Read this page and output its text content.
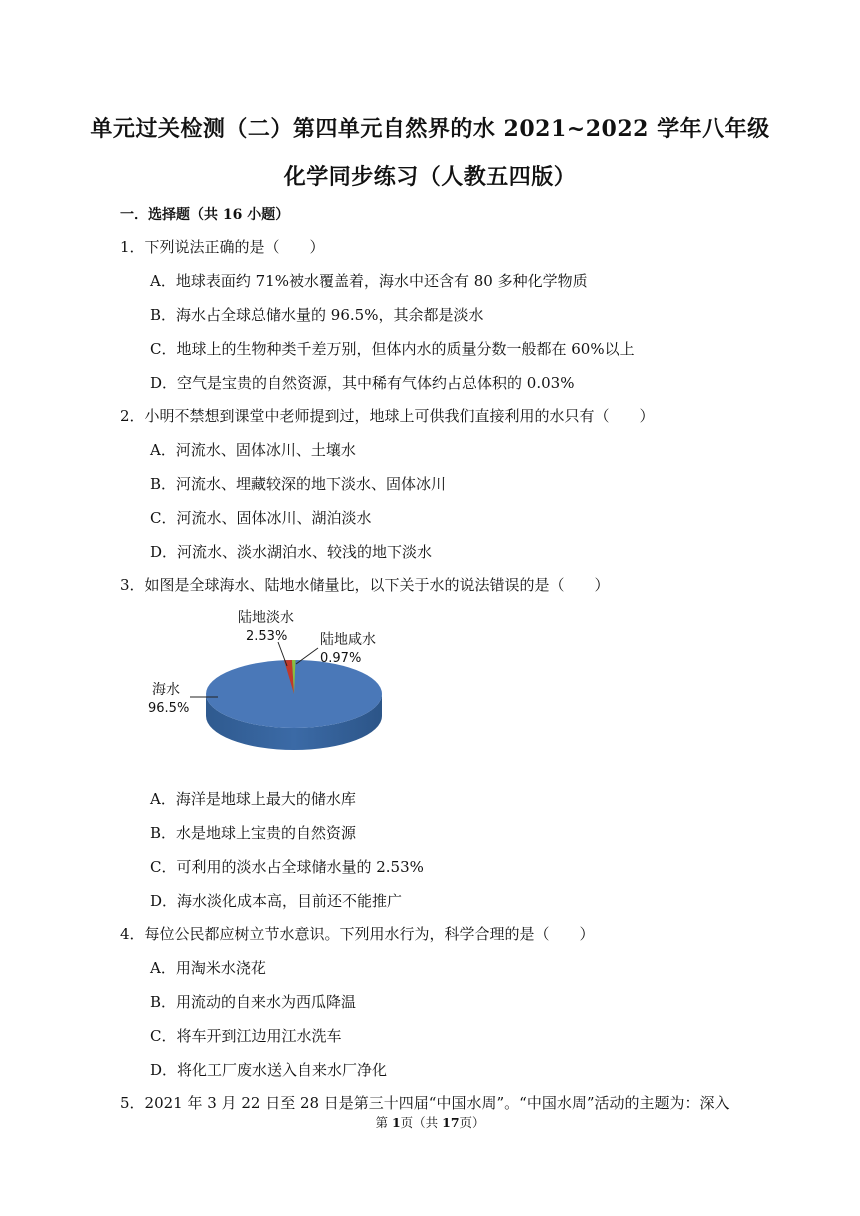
单元过关检测（二）第四单元自然界的水 2021~2022 学年八年级
化学同步练习（人教五四版）
一．选择题（共 16 小题）
1．下列说法正确的是（　　）
A．地球表面约 71%被水覆盖着，海水中还含有 80 多种化学物质
B．海水占全球总储水量的 96.5%，其余都是淡水
C．地球上的生物种类千差万别，但体内水的质量分数一般都在 60%以上
D．空气是宝贵的自然资源，其中稀有气体约占总体积的 0.03%
2．小明不禁想到课堂中老师提到过，地球上可供我们直接利用的水只有（　　）
A．河流水、固体冰川、土壤水
B．河流水、埋藏较深的地下淡水、固体冰川
C．河流水、固体冰川、湖泊淡水
D．河流水、淡水湖泊水、较浅的地下淡水
3．如图是全球海水、陆地水储量比，以下关于水的说法错误的是（　　）
陆地淡水
2.53% 陆地咸水
0.97%
海水
96.5%
A．海洋是地球上最大的储水库
B．水是地球上宝贵的自然资源
C．可利用的淡水占全球储水量的 2.53%
D．海水淡化成本高，目前还不能推广
4．每位公民都应树立节水意识。下列用水行为，科学合理的是（　　）
A．用淘米水浇花
B．用流动的自来水为西瓜降温
C．将车开到江边用江水洗车
D．将化工厂废水送入自来水厂净化
5．2021 年 3 月 22 日至 28 日是第三十四届“中国水周”。“中国水周”活动的主题为：深入
第 1页（共 17页）
